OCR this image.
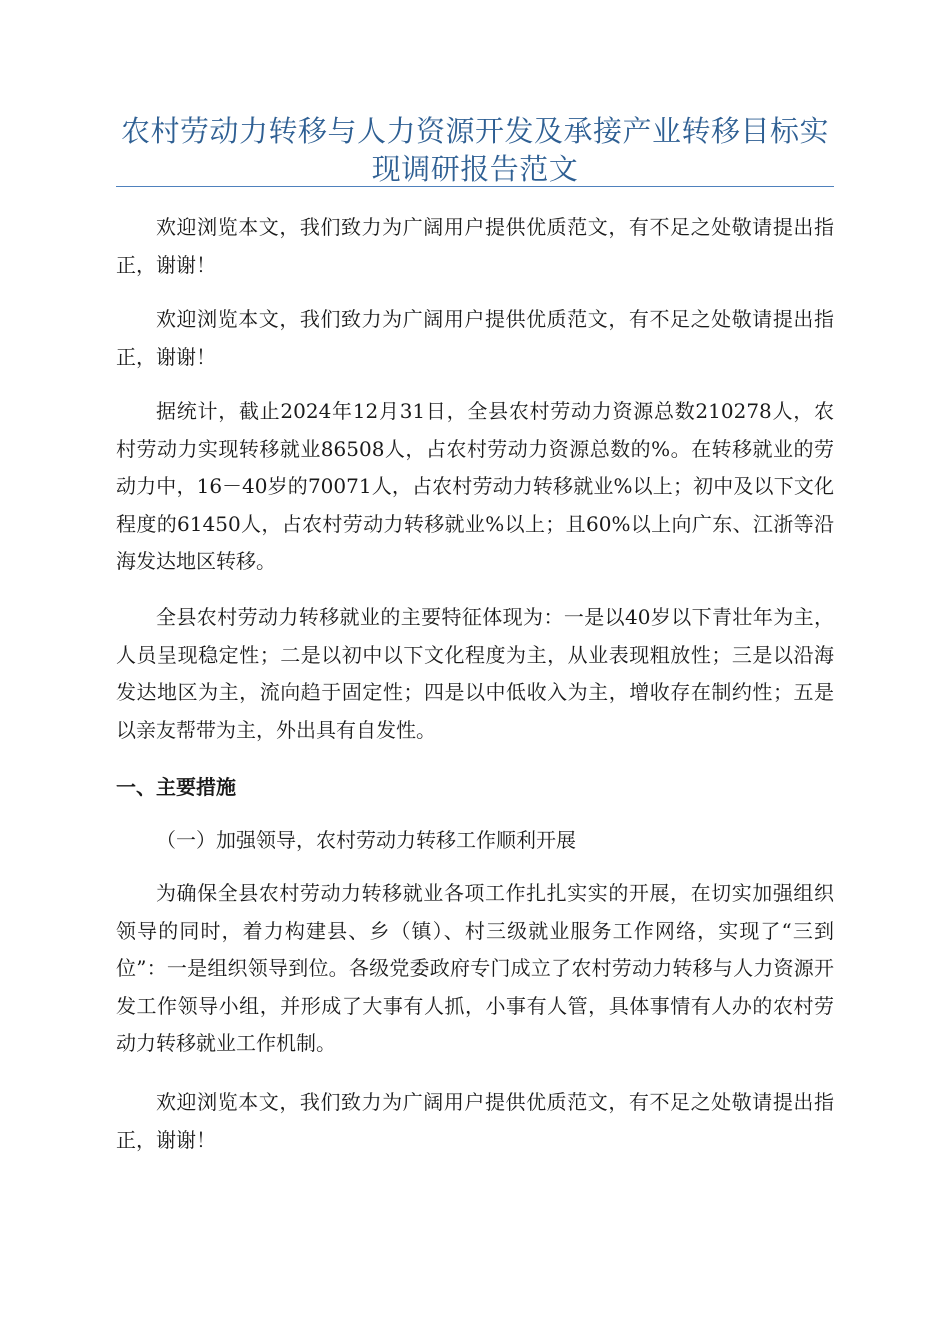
农村劳动力转移与人力资源开发及承接产业转移目标实现调研报告范文

欢迎浏览本文，我们致力为广阔用户提供优质范文，有不足之处敬请提出指正，谢谢！

欢迎浏览本文，我们致力为广阔用户提供优质范文，有不足之处敬请提出指正，谢谢！

据统计，截止2024年12月31日，全县农村劳动力资源总数210278人，农村劳动力实现转移就业86508人，占农村劳动力资源总数的%。在转移就业的劳动力中，16－40岁的70071人，占农村劳动力转移就业%以上；初中及以下文化程度的61450人，占农村劳动力转移就业%以上；且60%以上向广东、江浙等沿海发达地区转移。

全县农村劳动力转移就业的主要特征体现为：一是以40岁以下青壮年为主，人员呈现稳定性；二是以初中以下文化程度为主，从业表现粗放性；三是以沿海发达地区为主，流向趋于固定性；四是以中低收入为主，增收存在制约性；五是以亲友帮带为主，外出具有自发性。

一、主要措施

（一）加强领导，农村劳动力转移工作顺利开展

为确保全县农村劳动力转移就业各项工作扎扎实实的开展，在切实加强组织领导的同时，着力构建县、乡（镇）、村三级就业服务工作网络，实现了“三到位”：一是组织领导到位。各级党委政府专门成立了农村劳动力转移与人力资源开发工作领导小组，并形成了大事有人抓，小事有人管，具体事情有人办的农村劳动力转移就业工作机制。

欢迎浏览本文，我们致力为广阔用户提供优质范文，有不足之处敬请提出指正，谢谢！
